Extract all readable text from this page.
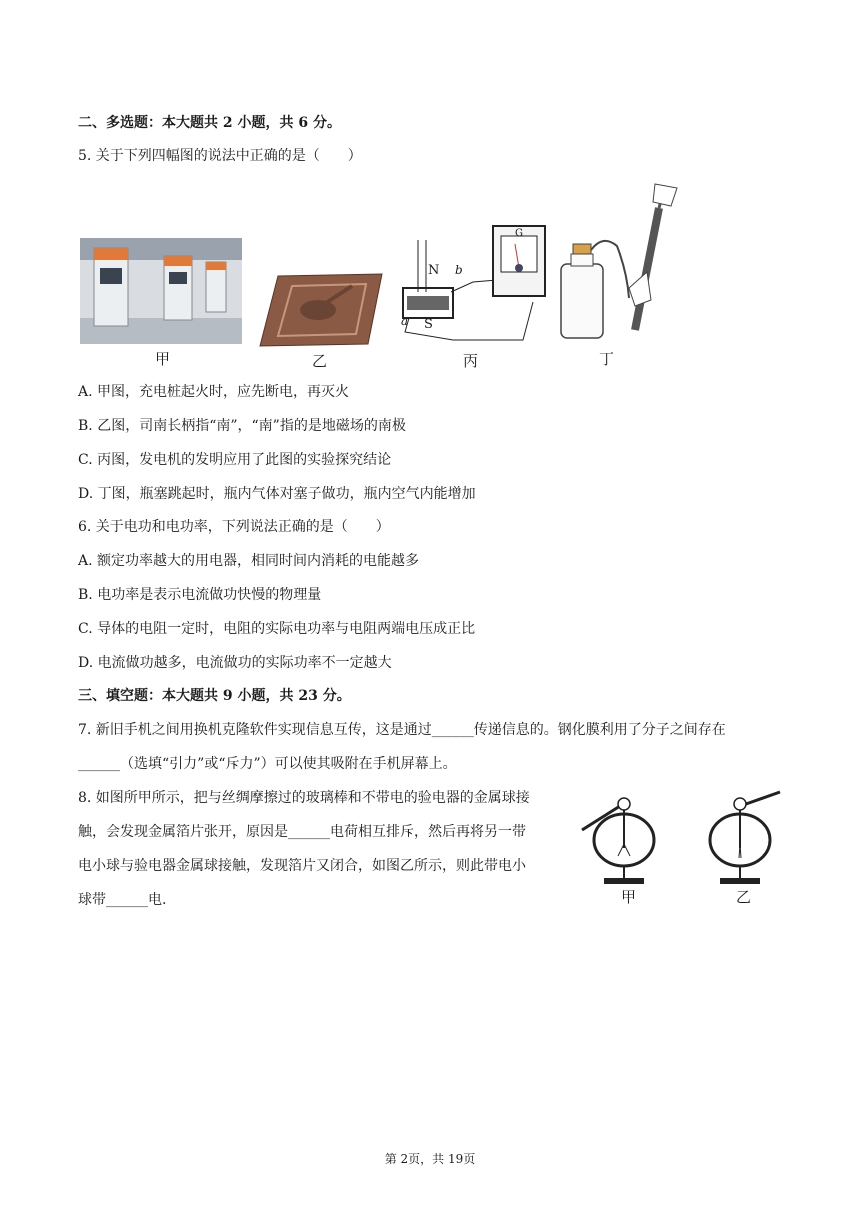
二、多选题：本大题共 2 小题，共 6 分。
5. 关于下列四幅图的说法中正确的是（　　）
甲	乙
N
S
a
b
G
丙	丁
A. 甲图，充电桩起火时，应先断电，再灭火
B. 乙图，司南长柄指“南”，“南”指的是地磁场的南极
C. 丙图，发电机的发明应用了此图的实验探究结论
D. 丁图，瓶塞跳起时，瓶内气体对塞子做功，瓶内空气内能增加
6. 关于电功和电功率，下列说法正确的是（　　）
A. 额定功率越大的用电器，相同时间内消耗的电能越多
B. 电功率是表示电流做功快慢的物理量
C. 导体的电阻一定时，电阻的实际电功率与电阻两端电压成正比
D. 电流做功越多，电流做功的实际功率不一定越大
三、填空题：本大题共 9 小题，共 23 分。
7. 新旧手机之间用换机克隆软件实现信息互传，这是通过______传递信息的。钢化膜利用了分子之间存在
______（选填“引力”或“斥力”）可以使其吸附在手机屏幕上。
8. 如图所甲所示，把与丝绸摩擦过的玻璃棒和不带电的验电器的金属球接
触，会发现金属箔片张开，原因是______电荷相互排斥，然后再将另一带
电小球与验电器金属球接触，发现箔片又闭合，如图乙所示，则此带电小
球带______电.	甲	乙
第 2页，共 19页
